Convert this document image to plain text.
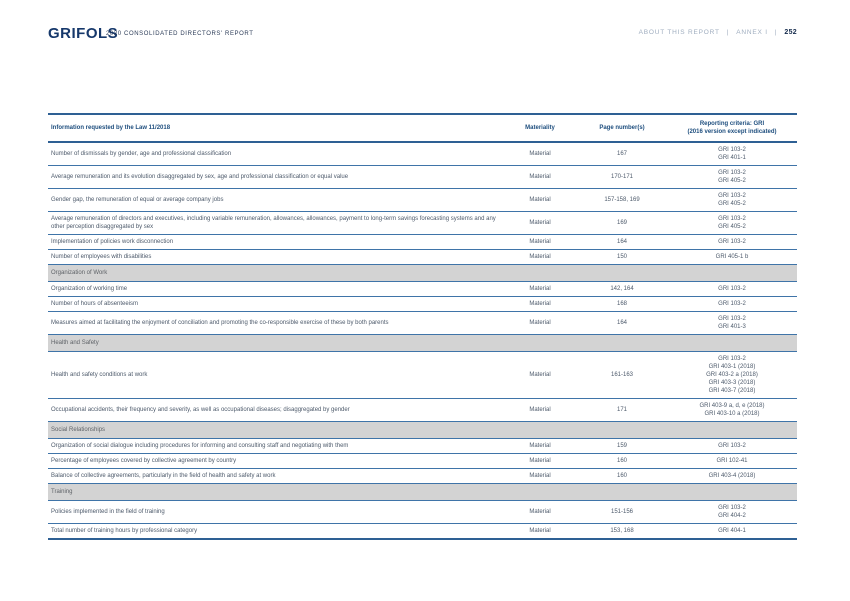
GRIFOLS
2020 CONSOLIDATED DIRECTORS' REPORT	ABOUT THIS REPORT | ANNEX I | 252
Information requested by the Law 11/2018	Materiality	Page number(s)	Reporting criteria: GRI
(2016 version except indicated)

Number of dismissals by gender, age and professional classification	Material	167	GRI 103-2
GRI 401-1

Average remuneration and its evolution disaggregated by sex, age and professional classification or equal value	Material	170-171	GRI 103-2
GRI 405-2

Gender gap, the remuneration of equal or average company jobs	Material	157-158, 169	GRI 103-2
GRI 405-2

Average remuneration of directors and executives, including variable remuneration, allowances, allowances, payment to long-term savings forecasting systems and any other perception disaggregated by sex	Material	169	GRI 103-2
GRI 405-2

Implementation of policies work disconnection	Material	164	GRI 103-2

Number of employees with disabilities	Material	150	GRI 405-1 b

Organization of Work			
Organization of working time	Material	142, 164	GRI 103-2

Number of hours of absenteeism	Material	168	GRI 103-2

Measures aimed at facilitating the enjoyment of conciliation and promoting the co-responsible exercise of these by both parents	Material	164	GRI 103-2
GRI 401-3

Health and Safety			
Health and safety conditions at work	Material	161-163	GRI 103-2
GRI 403-1 (2018)
GRI 403-2 a (2018)
GRI 403-3 (2018)
GRI 403-7 (2018)

Occupational accidents, their frequency and severity, as well as occupational diseases; disaggregated by gender	Material	171	GRI 403-9 a, d, e (2018)
GRI 403-10 a (2018)

Social Relationships			
Organization of social dialogue including procedures for informing and consulting staff and negotiating with them	Material	159	GRI 103-2

Percentage of employees covered by collective agreement by country	Material	160	GRI 102-41

Balance of collective agreements, particularly in the field of health and safety at work	Material	160	GRI 403-4 (2018)

Training			
Policies implemented in the field of training	Material	151-156	GRI 103-2
GRI 404-2

Total number of training hours by professional category	Material	153, 168	GRI 404-1
